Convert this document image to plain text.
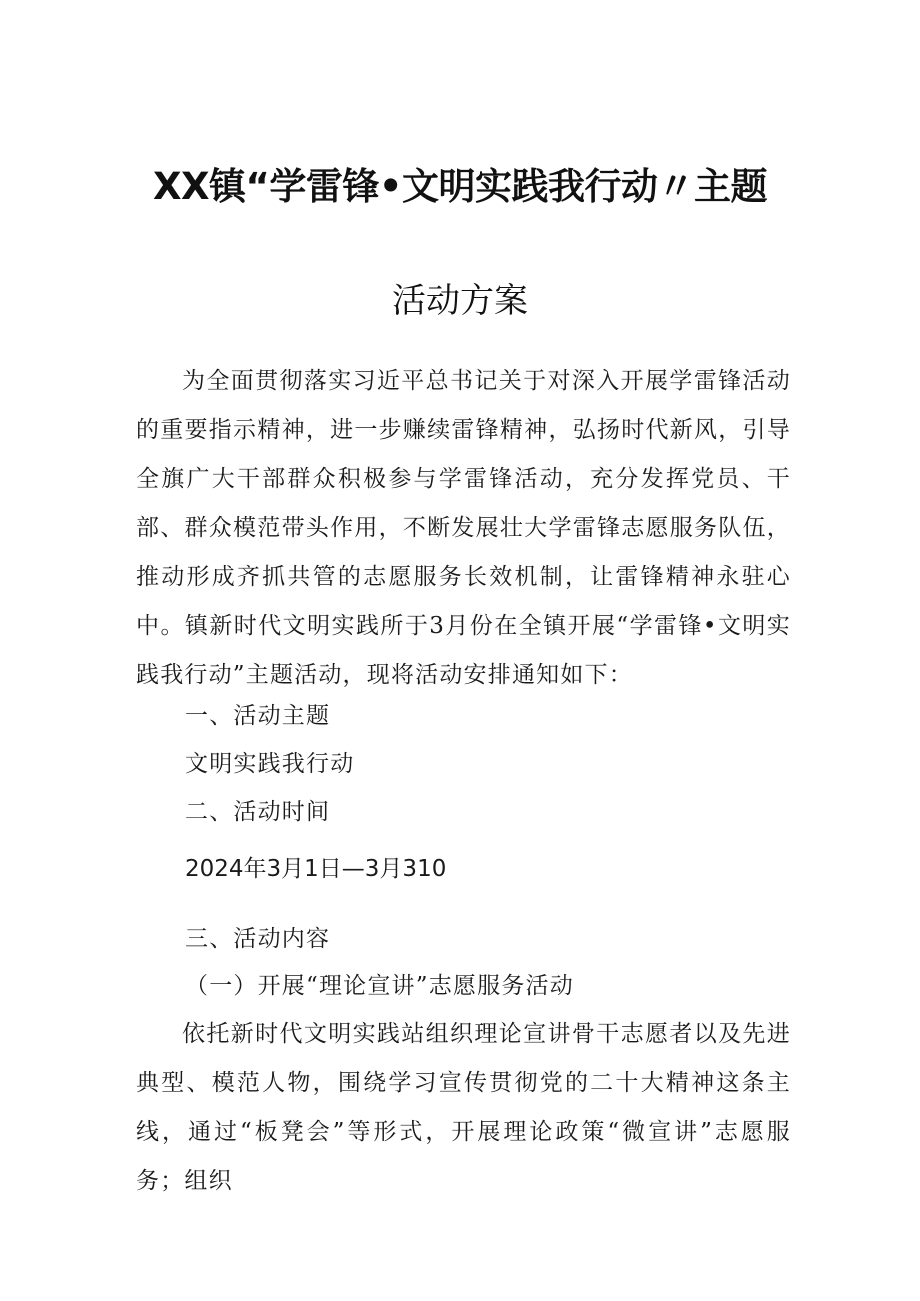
XX镇“学雷锋•文明实践我行动〃主题
活动方案

为全面贯彻落实习近平总书记关于对深入开展学雷锋活动的重要指示精神，进一步赚续雷锋精神，弘扬时代新风，引导全旗广大干部群众积极参与学雷锋活动，充分发挥党员、干部、群众模范带头作用，不断发展壮大学雷锋志愿服务队伍，推动形成齐抓共管的志愿服务长效机制，让雷锋精神永驻心中。镇新时代文明实践所于3月份在全镇开展“学雷锋•文明实践我行动”主题活动，现将活动安排通知如下：

一、活动主题
文明实践我行动
二、活动时间
2024年3月1日—3月310
三、活动内容
（一）开展“理论宣讲”志愿服务活动

依托新时代文明实践站组织理论宣讲骨干志愿者以及先进典型、模范人物，围绕学习宣传贯彻党的二十大精神这条主线，通过“板凳会”等形式，开展理论政策“微宣讲”志愿服务；组织
